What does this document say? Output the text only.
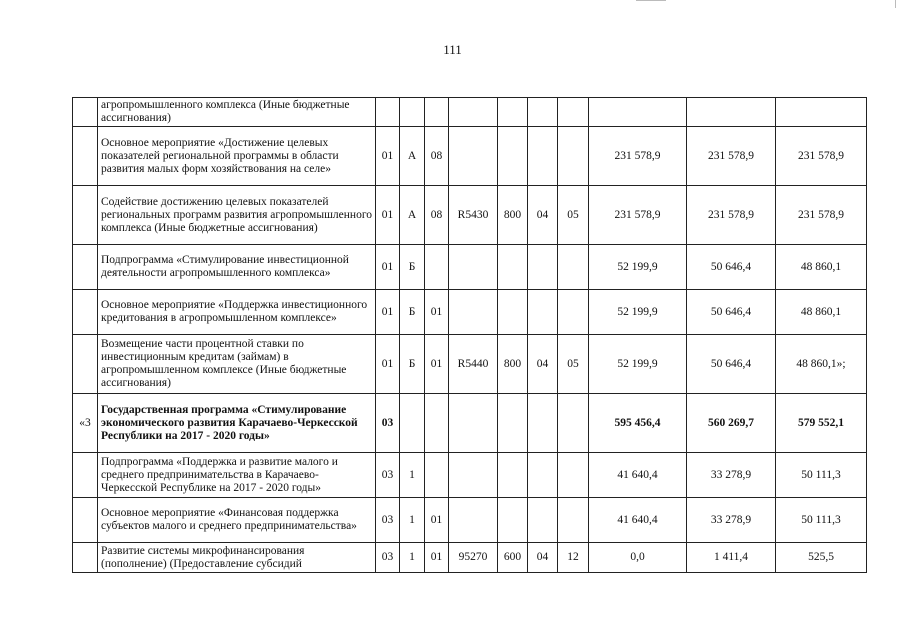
111
	агропромышленного комплекса (Иные бюджетные ассигнования)										
	Основное мероприятие «Достижение целевых показателей региональной программы в области развития малых форм хозяйствования на селе»	01	А	08					231 578,9	231 578,9	231 578,9
	Содействие достижению целевых показателей региональных программ развития агропромышленного комплекса (Иные бюджетные ассигнования)	01	А	08	R5430	800	04	05	231 578,9	231 578,9	231 578,9
	Подпрограмма «Стимулирование инвестиционной деятельности агропромышленного комплекса»	01	Б						52 199,9	50 646,4	48 860,1
	Основное мероприятие «Поддержка инвестиционного кредитования в агропромышленном комплексе»	01	Б	01					52 199,9	50 646,4	48 860,1
	Возмещение части процентной ставки по инвестиционным кредитам (займам) в агропромышленном комплексе (Иные бюджетные ассигнования)	01	Б	01	R5440	800	04	05	52 199,9	50 646,4	48 860,1»;
«3	Государственная программа «Стимулирование экономического развития Карачаево-Черкесской Республики на 2017 - 2020 годы»	03							595 456,4	560 269,7	579 552,1
	Подпрограмма «Поддержка и развитие малого и среднего предпринимательства в Карачаево-Черкесской Республике на 2017 - 2020 годы»	03	1						41 640,4	33 278,9	50 111,3
	Основное мероприятие «Финансовая поддержка субъектов малого и среднего предпринимательства»	03	1	01					41 640,4	33 278,9	50 111,3
	Развитие системы микрофинансирования (пополнение) (Предоставление субсидий	03	1	01	95270	600	04	12	0,0	1 411,4	525,5
